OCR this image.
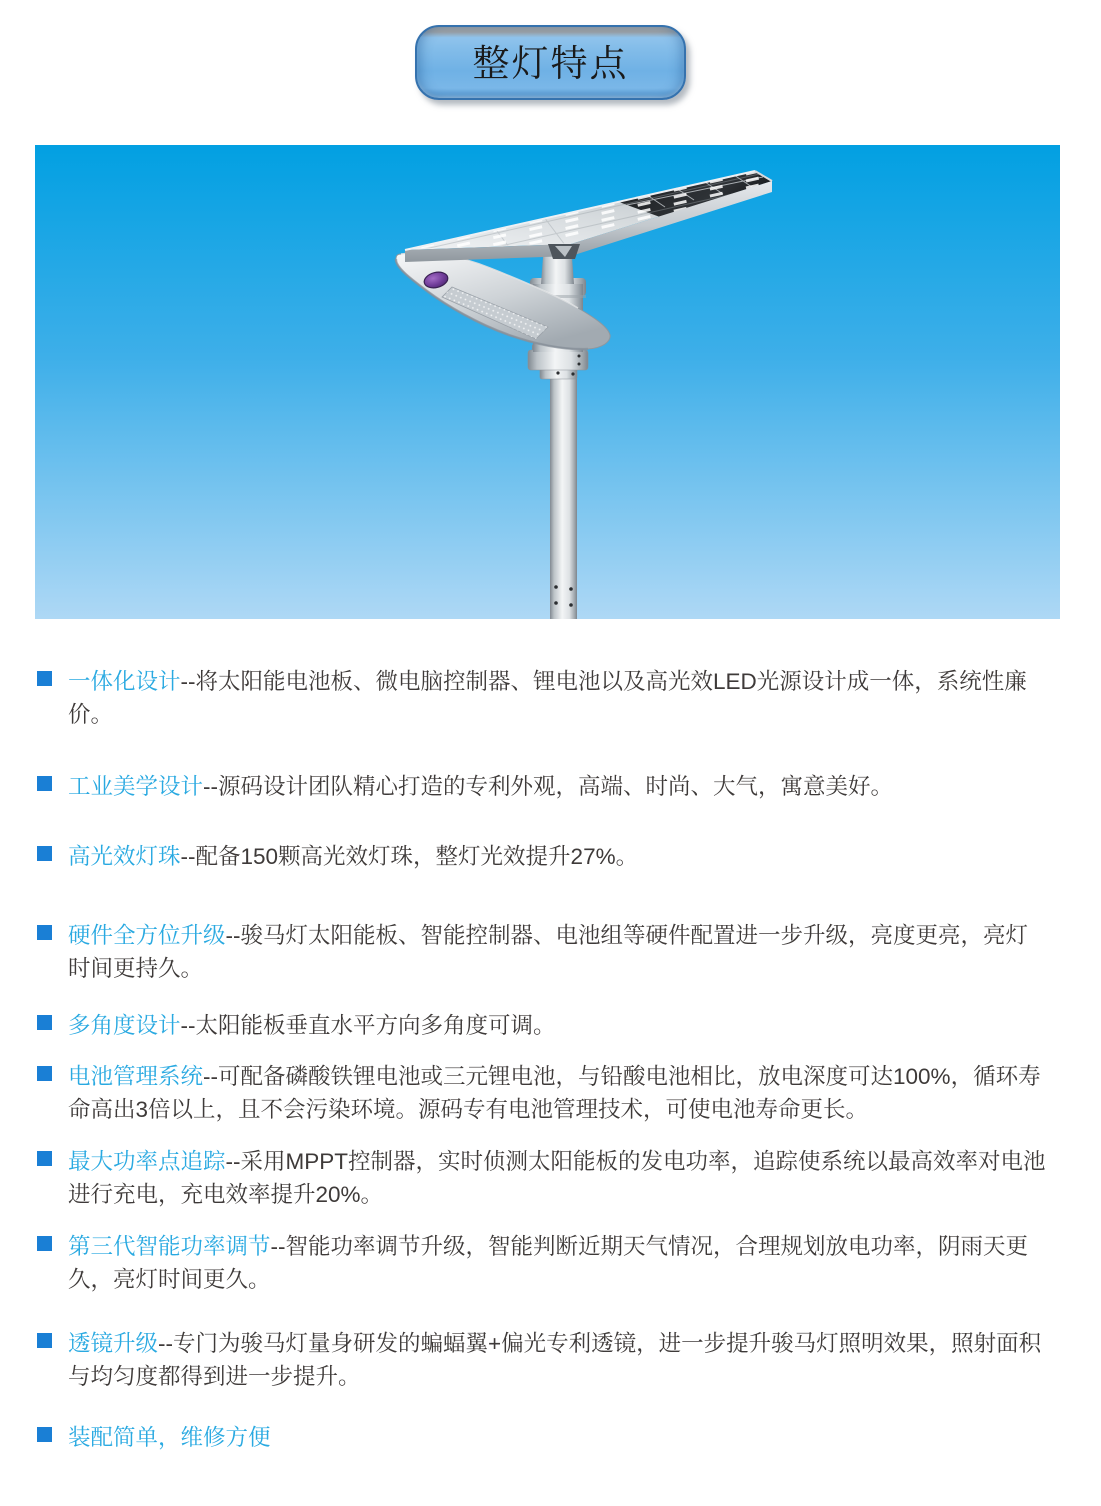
整灯特点

一体化设计--将太阳能电池板、微电脑控制器、锂电池以及高光效LED光源设计成一体，系统性廉价。

工业美学设计--源码设计团队精心打造的专利外观，高端、时尚、大气，寓意美好。

高光效灯珠--配备150颗高光效灯珠，整灯光效提升27%。

硬件全方位升级--骏马灯太阳能板、智能控制器、电池组等硬件配置进一步升级，亮度更亮，亮灯时间更持久。

多角度设计--太阳能板垂直水平方向多角度可调。

电池管理系统--可配备磷酸铁锂电池或三元锂电池，与铅酸电池相比，放电深度可达100%，循环寿命高出3倍以上，且不会污染环境。源码专有电池管理技术，可使电池寿命更长。

最大功率点追踪--采用MPPT控制器，实时侦测太阳能板的发电功率，追踪使系统以最高效率对电池进行充电，充电效率提升20%。

第三代智能功率调节--智能功率调节升级，智能判断近期天气情况，合理规划放电功率，阴雨天更久，亮灯时间更久。

透镜升级--专门为骏马灯量身研发的蝙蝠翼+偏光专利透镜，进一步提升骏马灯照明效果，照射面积与均匀度都得到进一步提升。

装配简单，维修方便
